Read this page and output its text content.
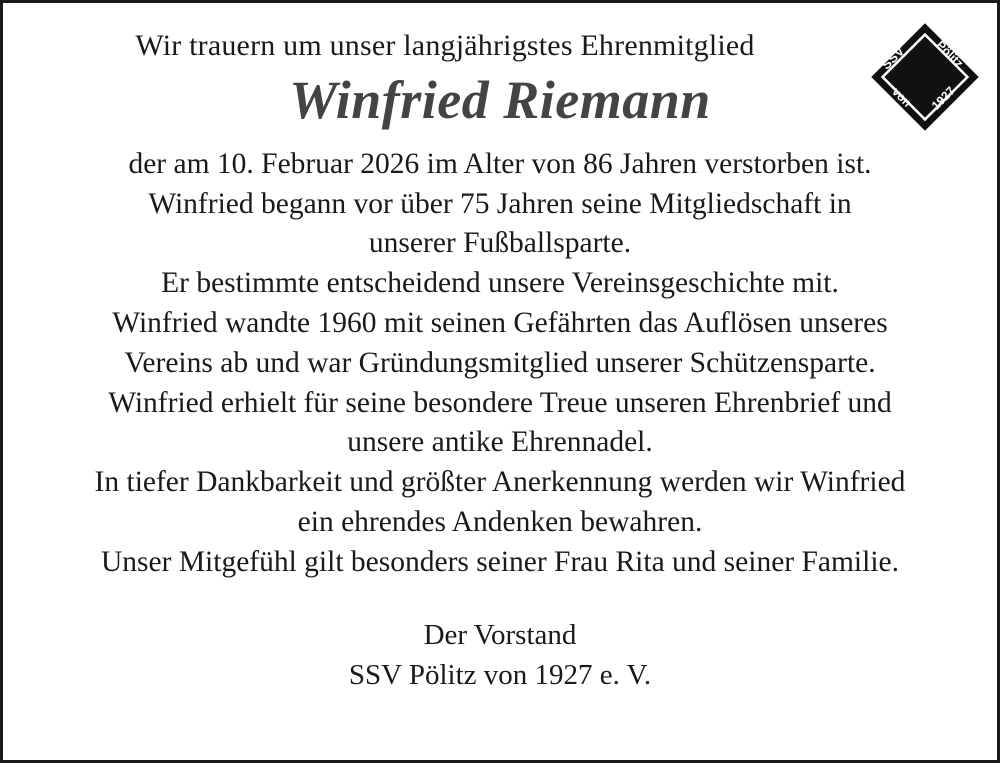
SSV Pölitz
von 1927

Wir trauern um unser langjährigstes Ehrenmitglied

Winfried Riemann
der am 10. Februar 2026 im Alter von 86 Jahren verstorben ist.
Winfried begann vor über 75 Jahren seine Mitgliedschaft in
unserer Fußballsparte.
Er bestimmte entscheidend unsere Vereinsgeschichte mit.
Winfried wandte 1960 mit seinen Gefährten das Auflösen unseres
Vereins ab und war Gründungsmitglied unserer Schützensparte.
Winfried erhielt für seine besondere Treue unseren Ehrenbrief und
unsere antike Ehrennadel.
In tiefer Dankbarkeit und größter Anerkennung werden wir Winfried
ein ehrendes Andenken bewahren.
Unser Mitgefühl gilt besonders seiner Frau Rita und seiner Familie.
Der Vorstand
SSV Pölitz von 1927 e. V.
